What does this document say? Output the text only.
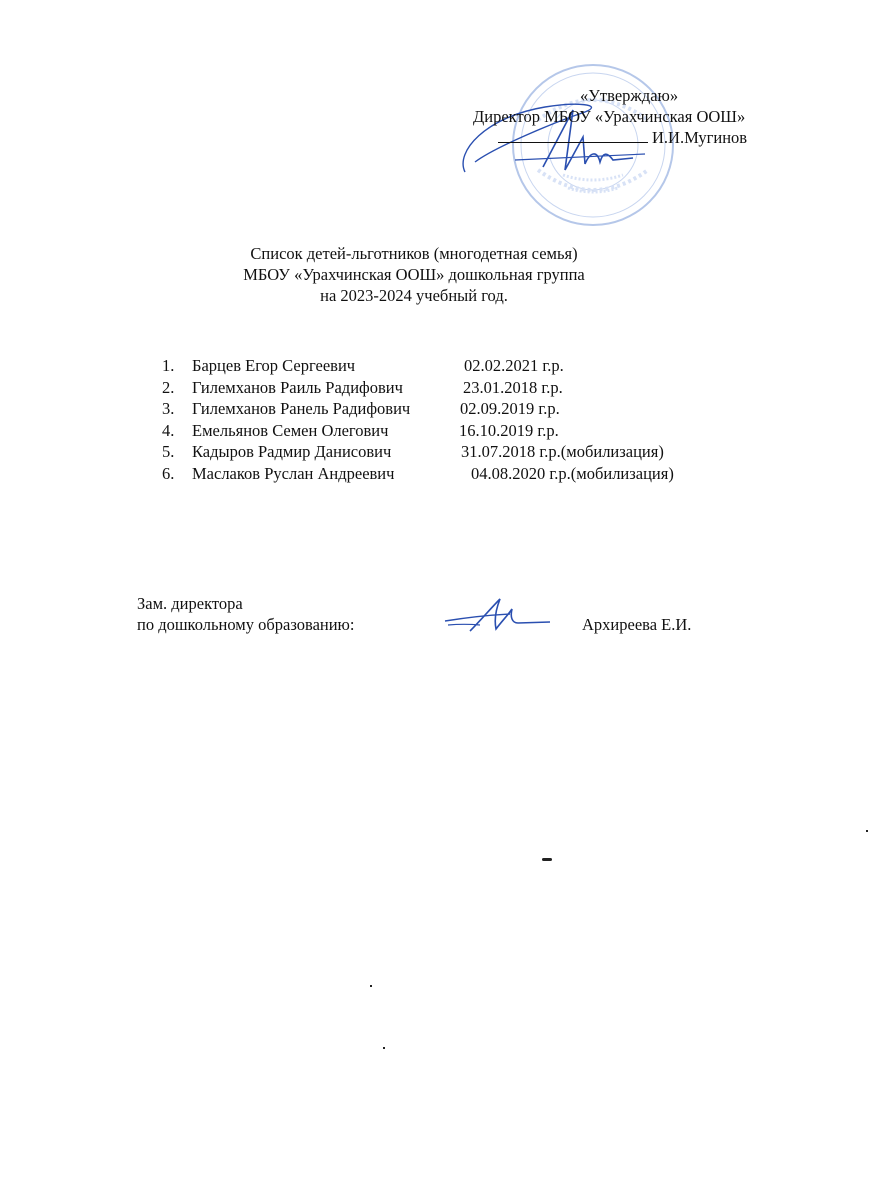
«Утверждаю»
Директор МБОУ «Урахчинская ООШ»
И.И.Мугинов
Список детей-льготников (многодетная семья)
МБОУ «Урахчинская ООШ» дошкольная группа
на 2023-2024 учебный год.
1.	Барцев Егор Сергеевич	02.02.2021 г.р.
2.	Гилемханов Раиль Радифович	23.01.2018 г.р.
3.	Гилемханов Ранель Радифович	02.09.2019 г.р.
4.	Емельянов Семен Олегович	16.10.2019 г.р.
5.	Кадыров Радмир Данисович	31.07.2018 г.р.(мобилизация)
6.	Маслаков Руслан Андреевич	04.08.2020 г.р.(мобилизация)
Зам. директора
по дошкольному образованию:	Архиреева Е.И.
